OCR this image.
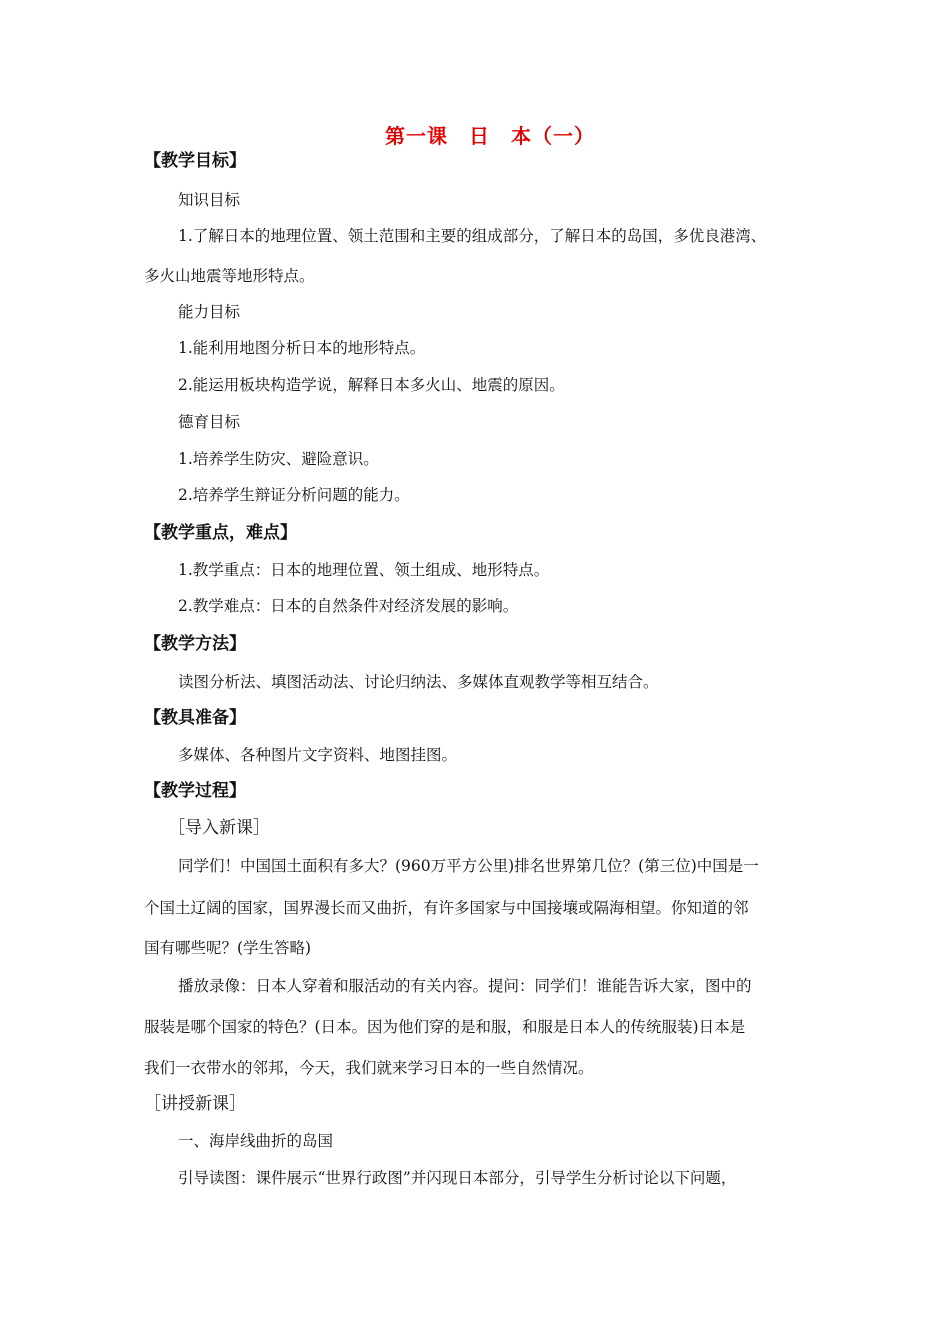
第一课　日　本（一）
【教学目标】
知识目标
1.了解日本的地理位置、领土范围和主要的组成部分，了解日本的岛国，多优良港湾、
多火山地震等地形特点。
能力目标
1.能利用地图分析日本的地形特点。
2.能运用板块构造学说，解释日本多火山、地震的原因。
德育目标
1.培养学生防灾、避险意识。
2.培养学生辩证分析问题的能力。
【教学重点，难点】
1.教学重点：日本的地理位置、领土组成、地形特点。
2.教学难点：日本的自然条件对经济发展的影响。
【教学方法】
读图分析法、填图活动法、讨论归纳法、多媒体直观教学等相互结合。
【教具准备】
多媒体、各种图片文字资料、地图挂图。
【教学过程】
［导入新课］
同学们！中国国土面积有多大？(960万平方公里)排名世界第几位？(第三位)中国是一
个国土辽阔的国家，国界漫长而又曲折，有许多国家与中国接壤或隔海相望。你知道的邻
国有哪些呢？(学生答略)
播放录像：日本人穿着和服活动的有关内容。提问：同学们！谁能告诉大家，图中的
服装是哪个国家的特色？(日本。因为他们穿的是和服，和服是日本人的传统服装)日本是
我们一衣带水的邻邦，今天，我们就来学习日本的一些自然情况。
［讲授新课］
一、海岸线曲折的岛国
引导读图：课件展示“世界行政图”并闪现日本部分，引导学生分析讨论以下问题，
